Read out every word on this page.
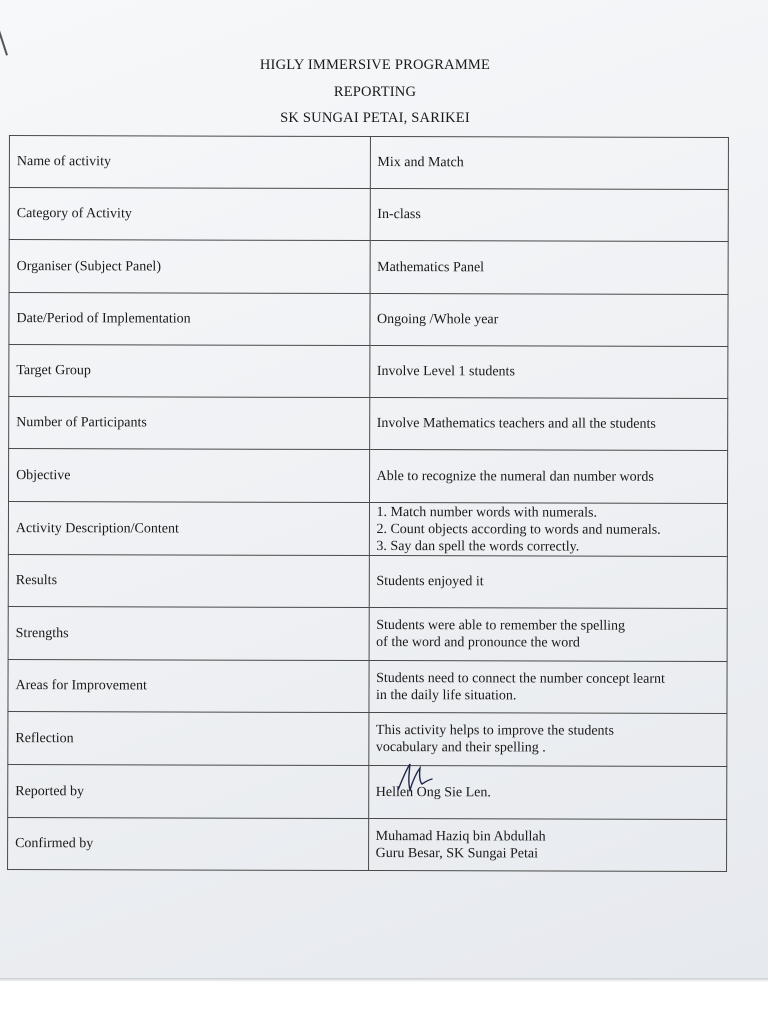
HIGLY IMMERSIVE PROGRAMME
REPORTING
SK SUNGAI PETAI, SARIKEI
Name of activity	Mix and Match

Category of Activity	In-class

Organiser (Subject Panel)	Mathematics Panel

Date/Period of Implementation	Ongoing /Whole year

Target Group	Involve Level 1 students

Number of Participants	Involve Mathematics teachers and all the students

Objective	Able to recognize the numeral dan number words

Activity Description/Content	1. Match number words with numerals.
2. Count objects according to words and numerals.
3. Say dan spell the words correctly.

Results	Students enjoyed it

Strengths	Students were able to remember the spelling
of the word and pronounce the word

Areas for Improvement	Students need to connect the number concept learnt
in the daily life situation.

Reflection	This activity helps to improve the students
vocabulary and their spelling .

Reported by	Hellen Ong Sie Len.

Confirmed by	Muhamad Haziq bin Abdullah
Guru Besar, SK Sungai Petai
